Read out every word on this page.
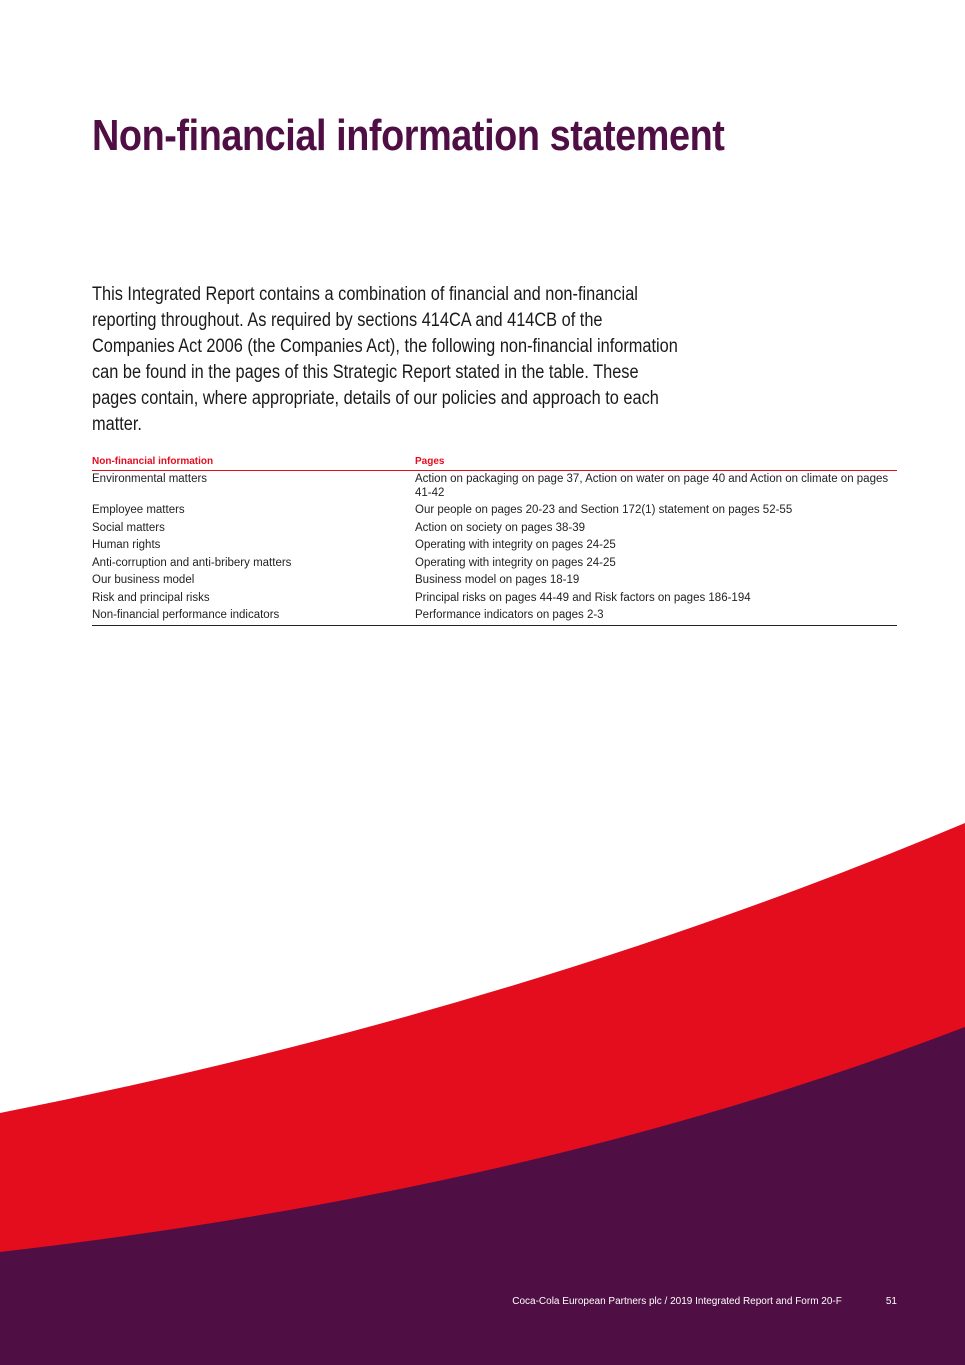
Non-financial information statement

This Integrated Report contains a combination of financial and non-financial reporting throughout. As required by sections 414CA and 414CB of the Companies Act 2006 (the Companies Act), the following non-financial information can be found in the pages of this Strategic Report stated in the table. These pages contain, where appropriate, details of our policies and approach to each matter.

Non-financial information	Pages
Environmental matters	Action on packaging on page 37, Action on water on page 40 and Action on climate on pages 41-42
Employee matters	Our people on pages 20-23 and Section 172(1) statement on pages 52-55
Social matters	Action on society on pages 38-39
Human rights	Operating with integrity on pages 24-25
Anti-corruption and anti-bribery matters	Operating with integrity on pages 24-25
Our business model	Business model on pages 18-19
Risk and principal risks	Principal risks on pages 44-49 and Risk factors on pages 186-194
Non-financial performance indicators	Performance indicators on pages 2-3
Coca-Cola European Partners plc / 2019 Integrated Report and Form 20-F	51
